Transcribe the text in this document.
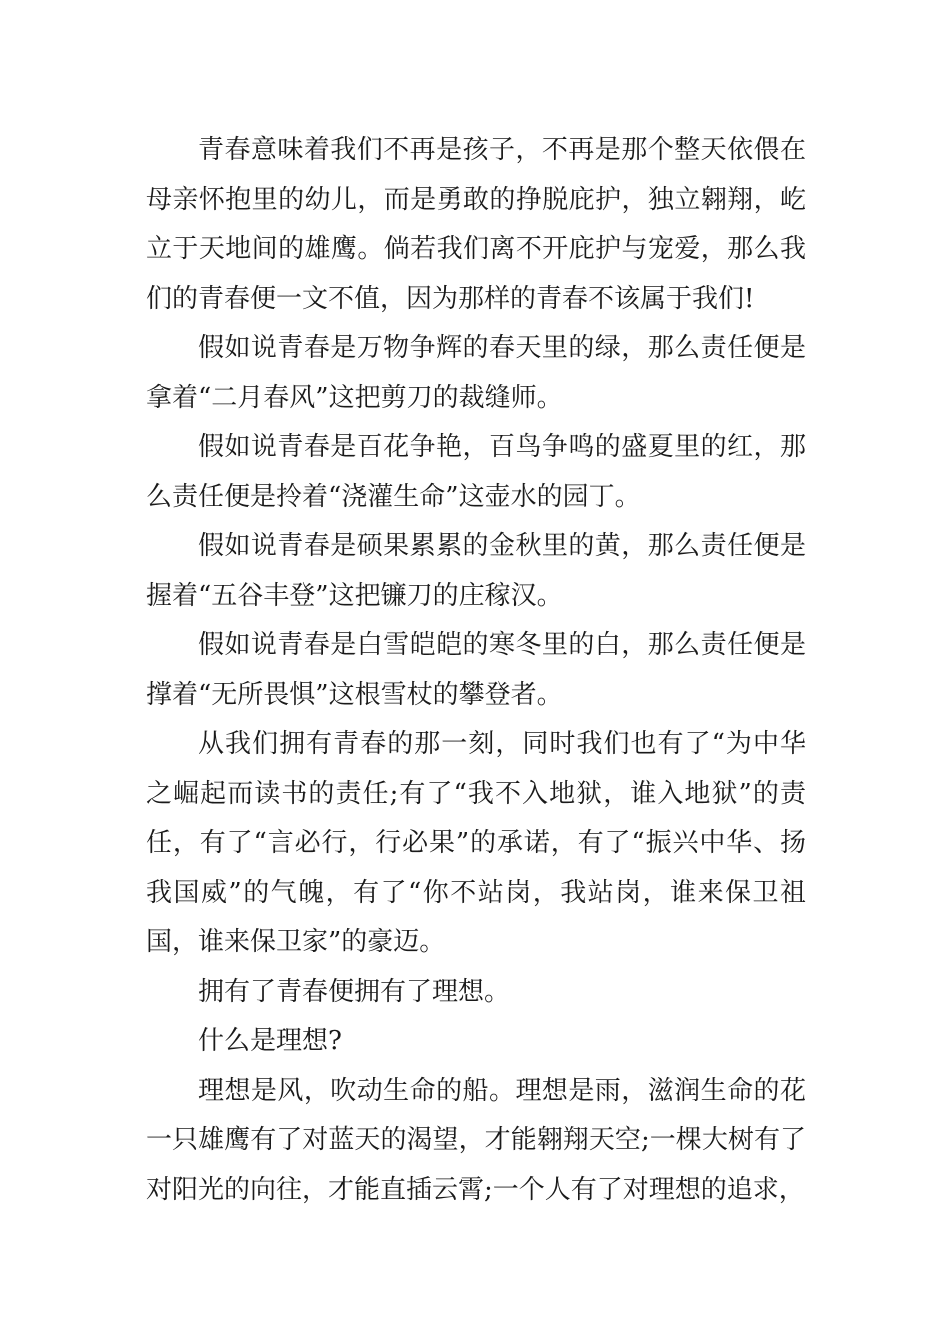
青春意味着我们不再是孩子，不再是那个整天依偎在母亲怀抱里的幼儿，而是勇敢的挣脱庇护，独立翱翔，屹立于天地间的雄鹰。倘若我们离不开庇护与宠爱，那么我们的青春便一文不值，因为那样的青春不该属于我们!

假如说青春是万物争辉的春天里的绿，那么责任便是拿着“二月春风”这把剪刀的裁缝师。

假如说青春是百花争艳，百鸟争鸣的盛夏里的红，那么责任便是拎着“浇灌生命”这壶水的园丁。

假如说青春是硕果累累的金秋里的黄，那么责任便是握着“五谷丰登”这把镰刀的庄稼汉。

假如说青春是白雪皑皑的寒冬里的白，那么责任便是撑着“无所畏惧”这根雪杖的攀登者。

从我们拥有青春的那一刻，同时我们也有了“为中华之崛起而读书的责任;有了“我不入地狱，谁入地狱”的责任，有了“言必行，行必果”的承诺，有了“振兴中华、扬我国威”的气魄，有了“你不站岗，我站岗，谁来保卫祖国，谁来保卫家”的豪迈。

拥有了青春便拥有了理想。

什么是理想?

理想是风，吹动生命的船。理想是雨，滋润生命的花一只雄鹰有了对蓝天的渴望，才能翱翔天空;一棵大树有了对阳光的向往，才能直插云霄;一个人有了对理想的追求，
